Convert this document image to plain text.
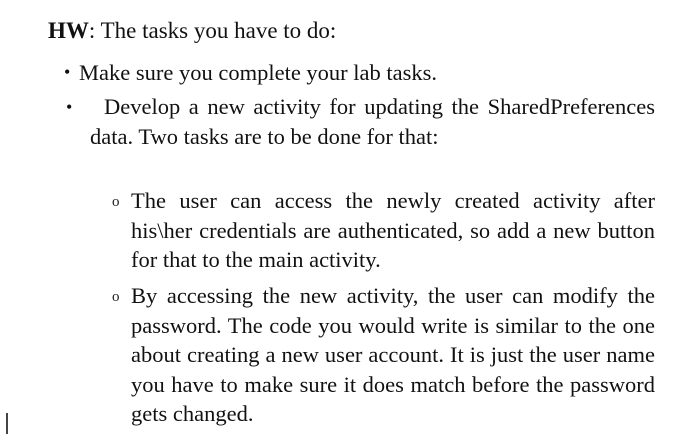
HW: The tasks you have to do:
• Make sure you complete your lab tasks.
•	Develop a new activity for updating the SharedPreferences data. Two tasks are to be done for that:
o The user can access the newly created activity after his\her credentials are authenticated, so add a new button for that to the main activity.
o By accessing the new activity, the user can modify the password. The code you would write is similar to the one about creating a new user account. It is just the user name you have to make sure it does match before the password gets changed.
